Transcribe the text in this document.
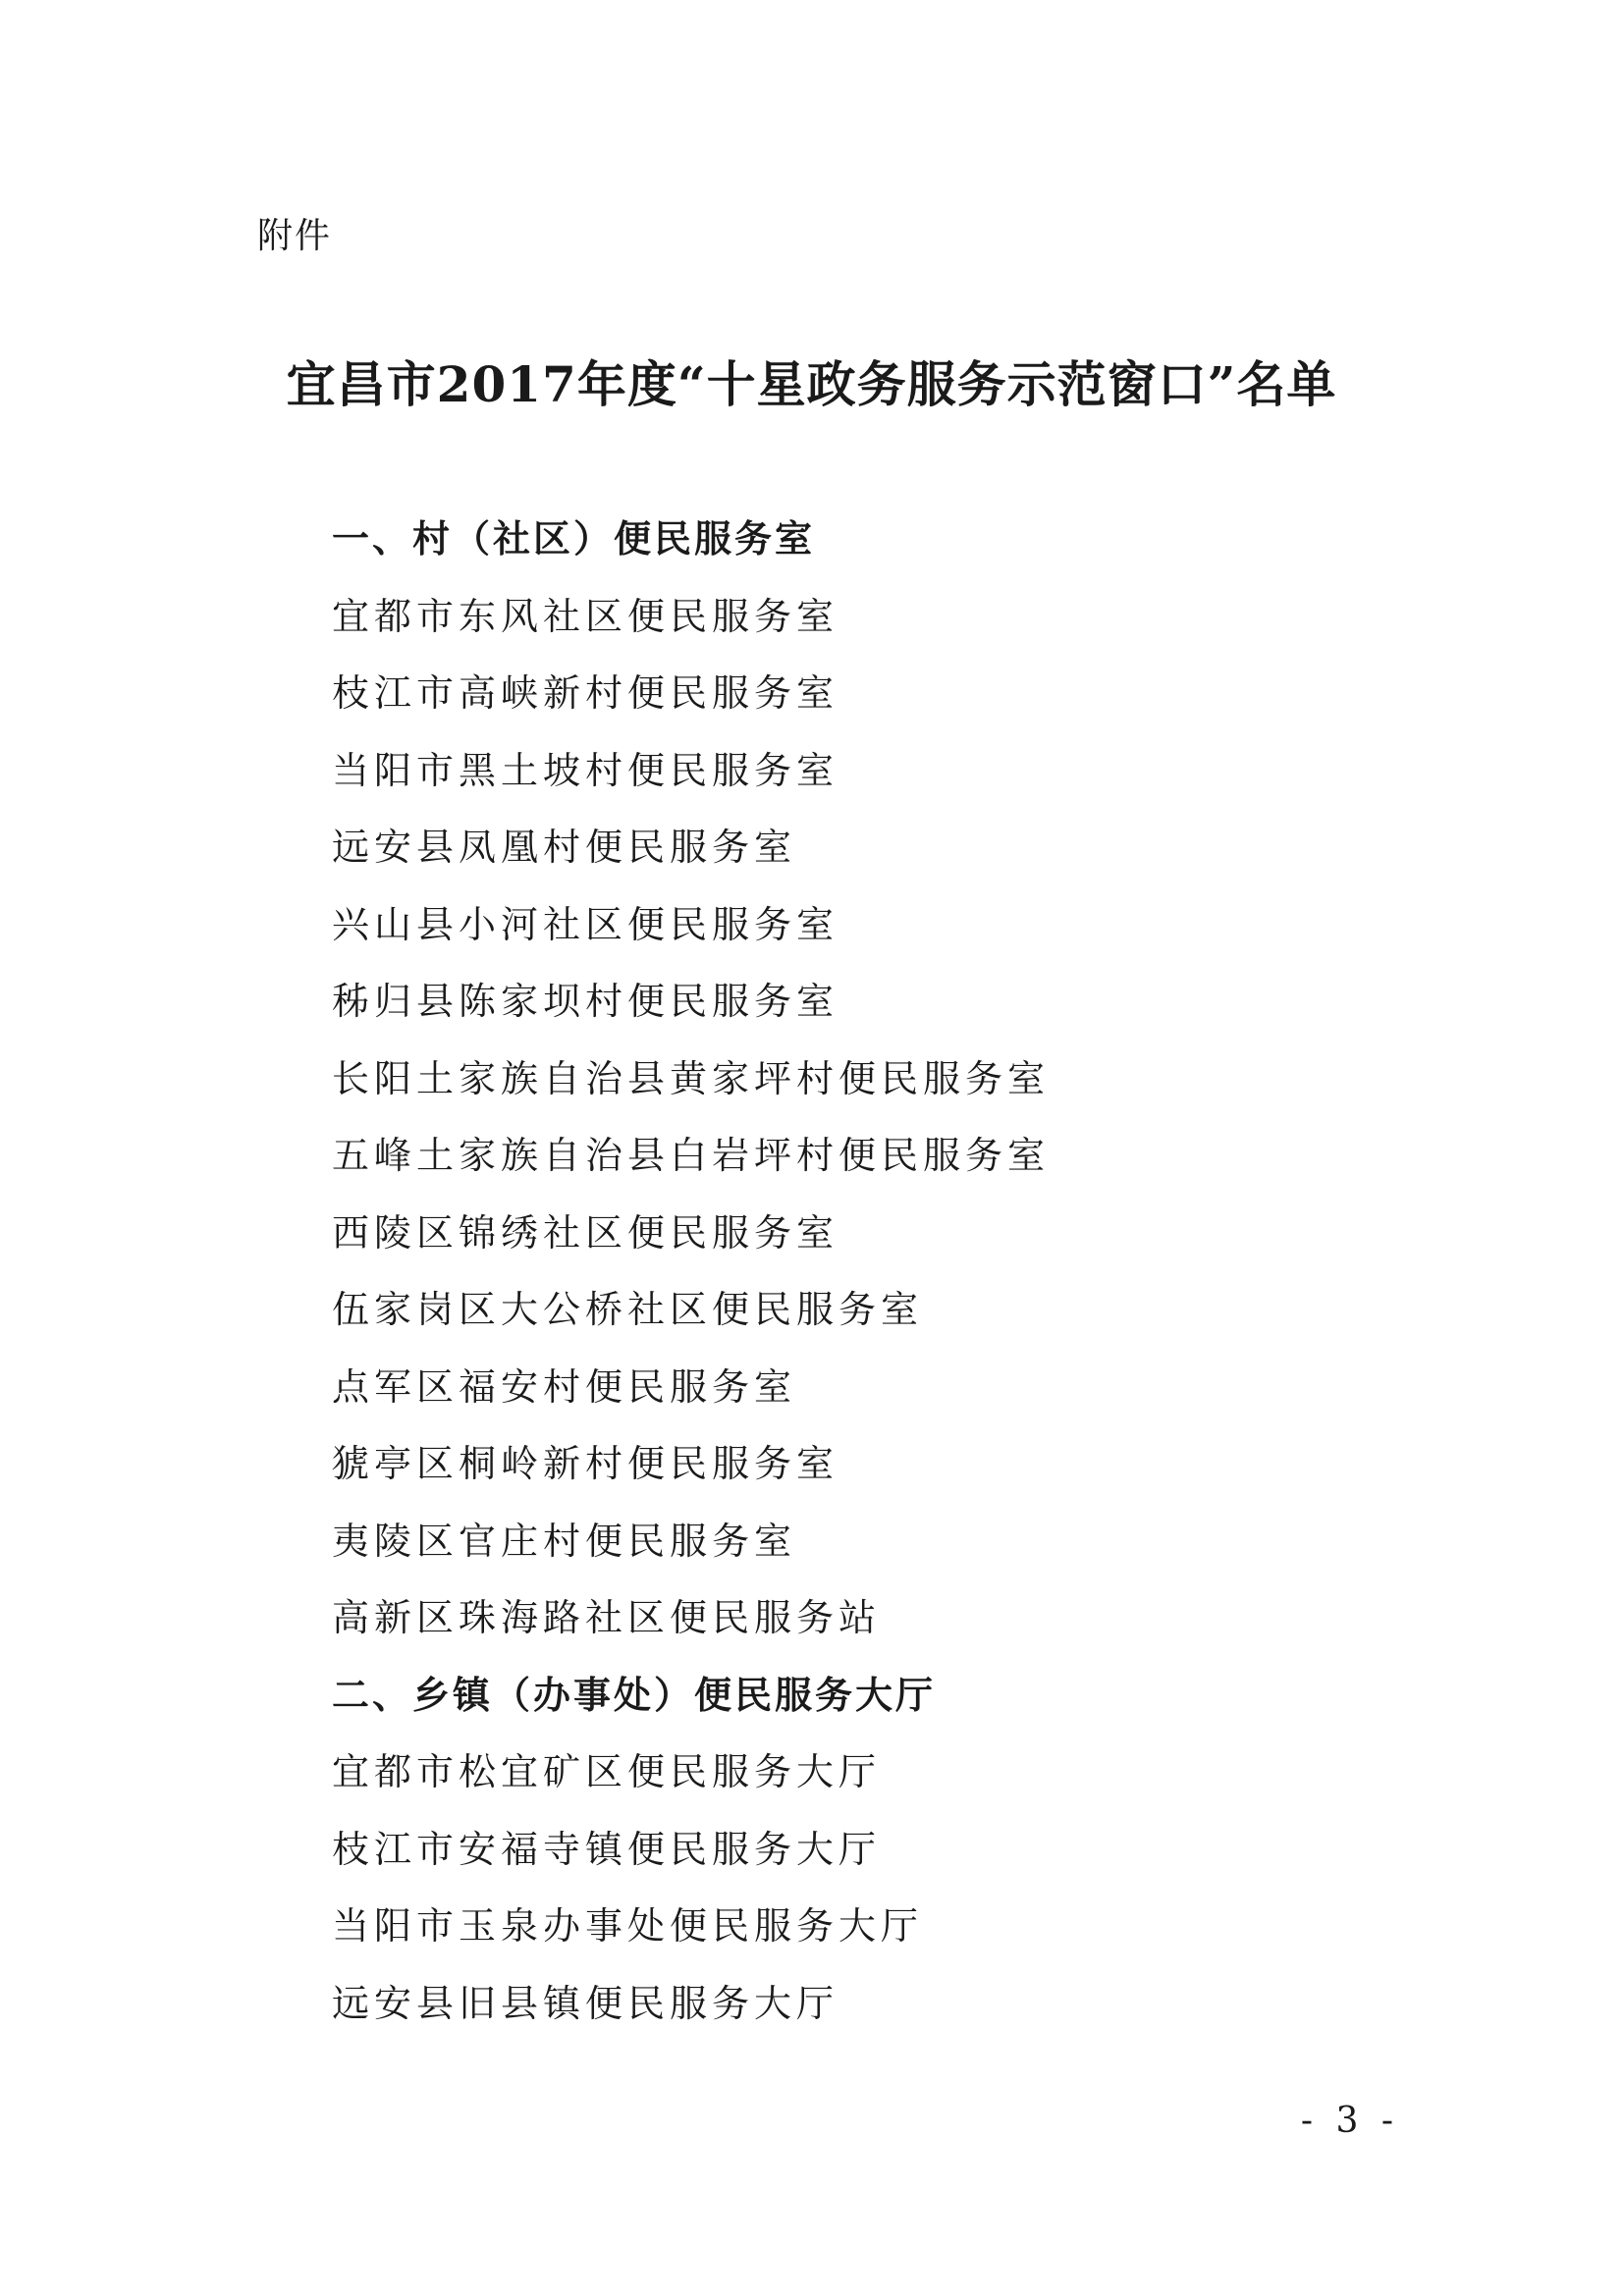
附件
宜昌市2017年度“十星政务服务示范窗口”名单
一、村（社区）便民服务室
宜都市东风社区便民服务室
枝江市高峡新村便民服务室
当阳市黑土坡村便民服务室
远安县凤凰村便民服务室
兴山县小河社区便民服务室
秭归县陈家坝村便民服务室
长阳土家族自治县黄家坪村便民服务室
五峰土家族自治县白岩坪村便民服务室
西陵区锦绣社区便民服务室
伍家岗区大公桥社区便民服务室
点军区福安村便民服务室
猇亭区桐岭新村便民服务室
夷陵区官庄村便民服务室
高新区珠海路社区便民服务站
二、乡镇（办事处）便民服务大厅
宜都市松宜矿区便民服务大厅
枝江市安福寺镇便民服务大厅
当阳市玉泉办事处便民服务大厅
远安县旧县镇便民服务大厅
- 3 -
